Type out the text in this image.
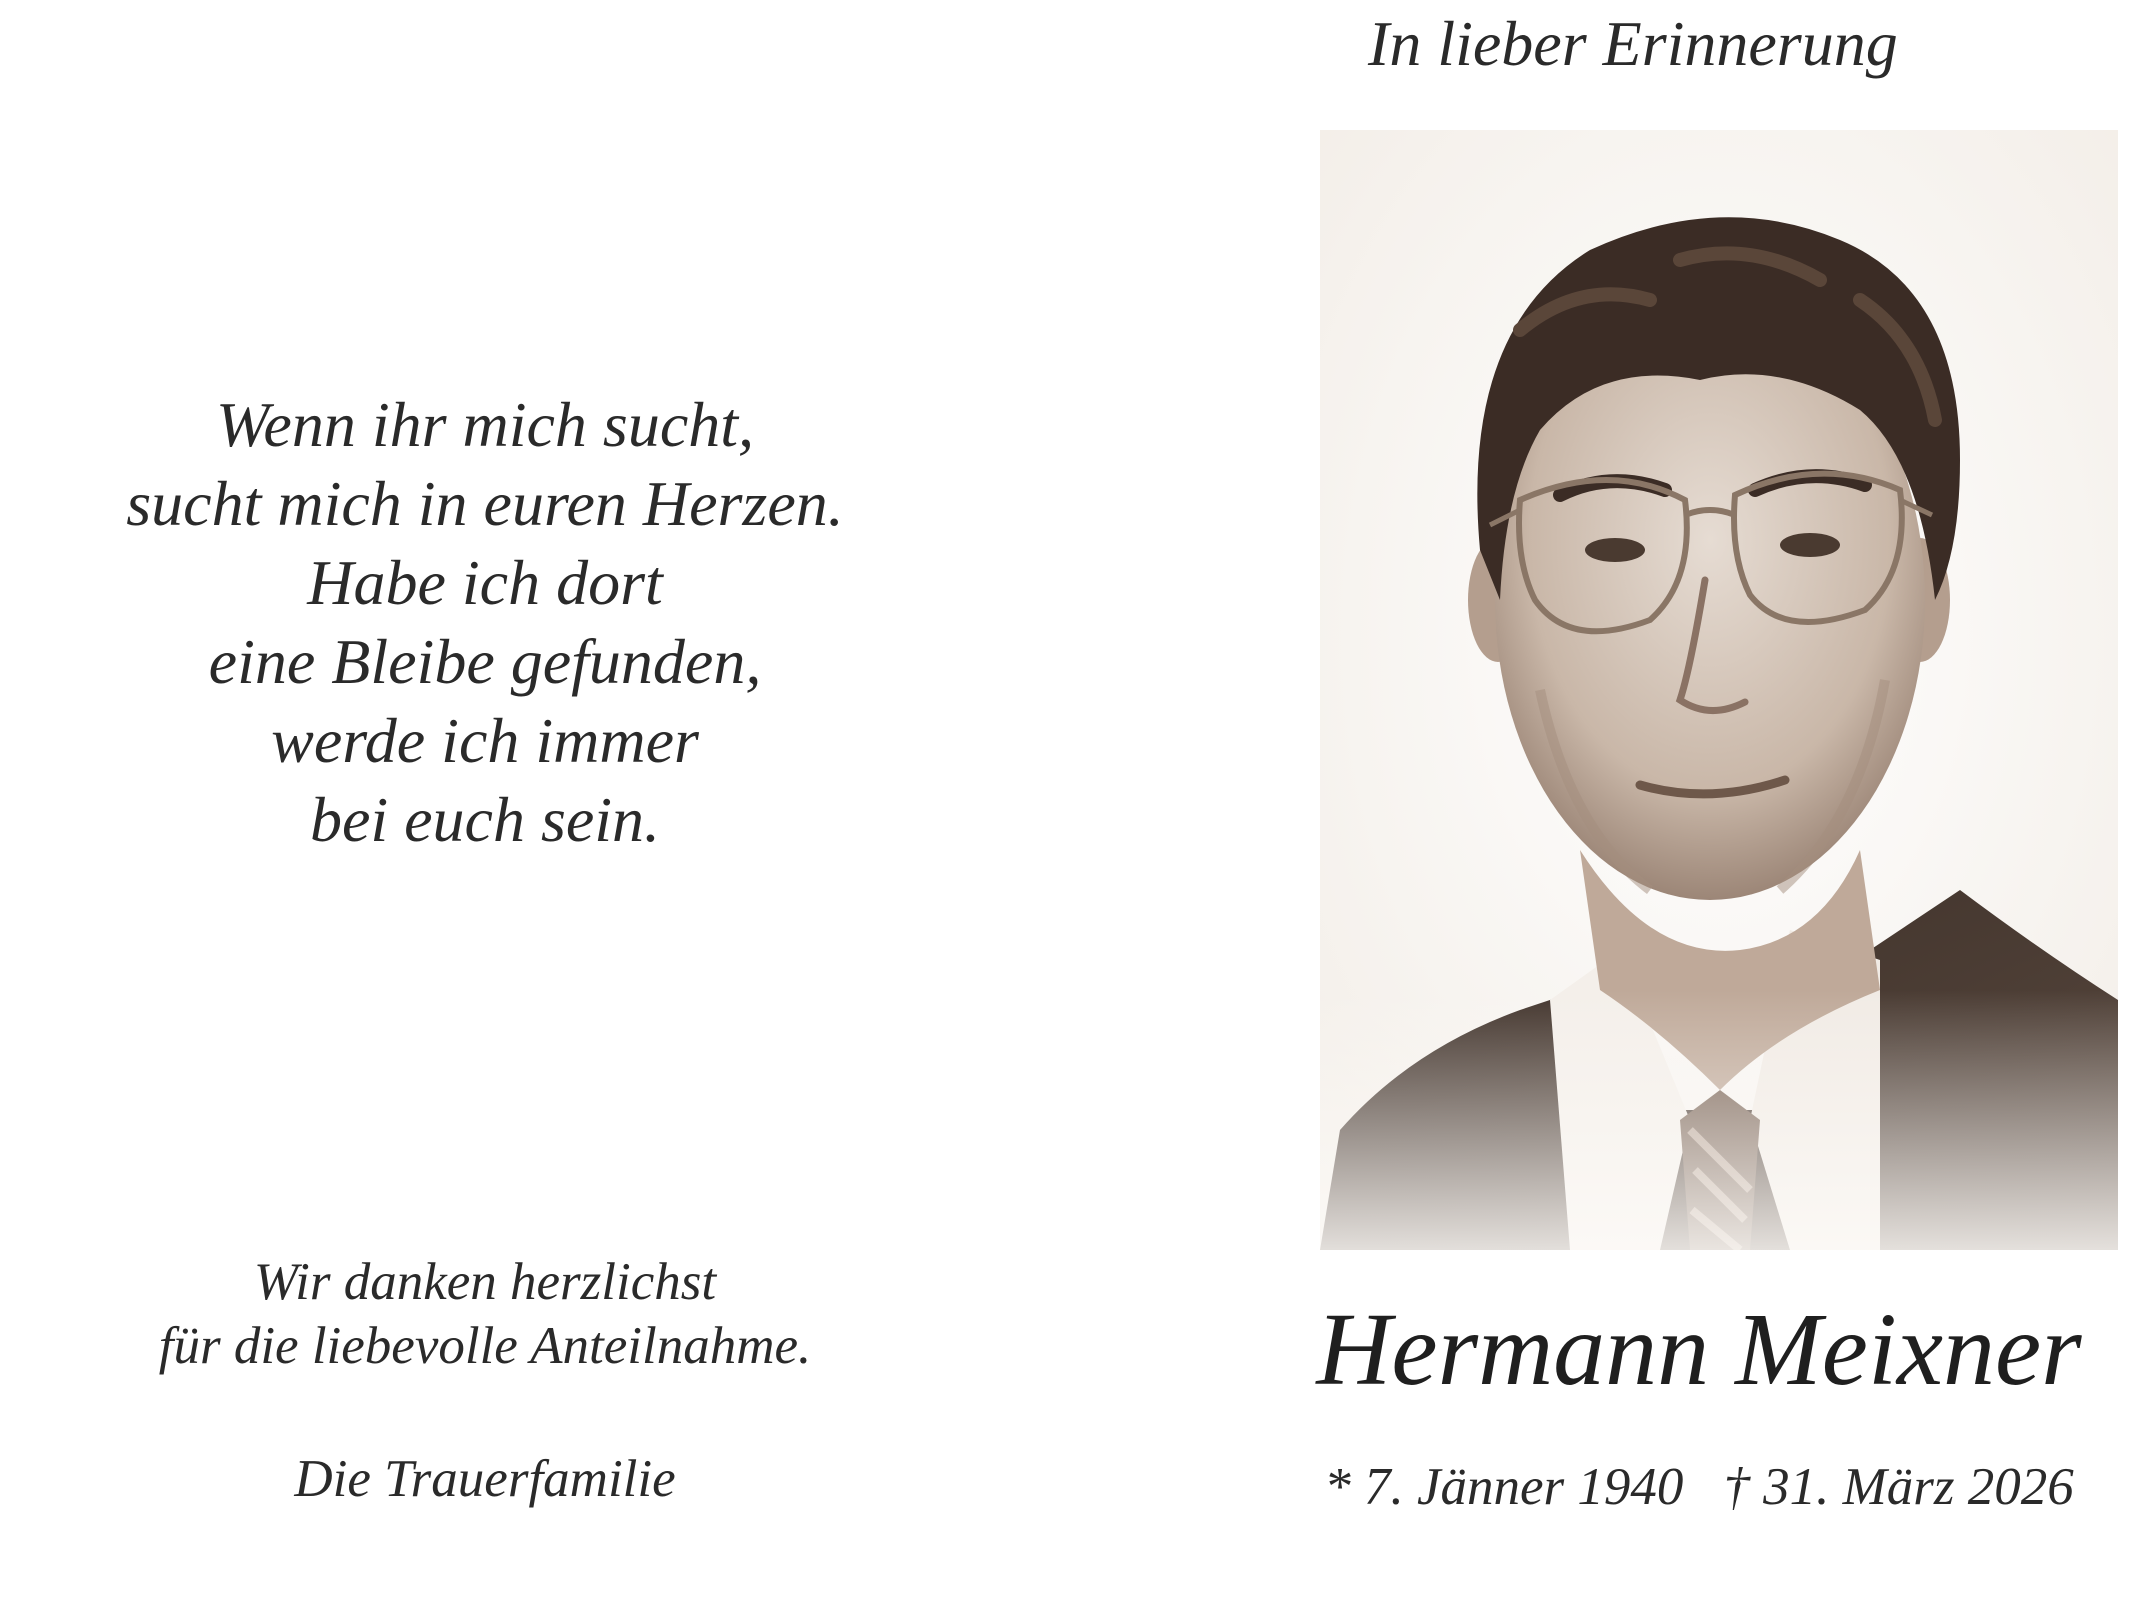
Wenn ihr mich sucht,
sucht mich in euren Herzen.
Habe ich dort
eine Bleibe gefunden,
werde ich immer
bei euch sein.
Wir danken herzlichst
für die liebevolle Anteilnahme.
Die Trauerfamilie
In lieber Erinnerung
Hermann Meixner
* 7. Jänner 1940 † 31. März 2026
